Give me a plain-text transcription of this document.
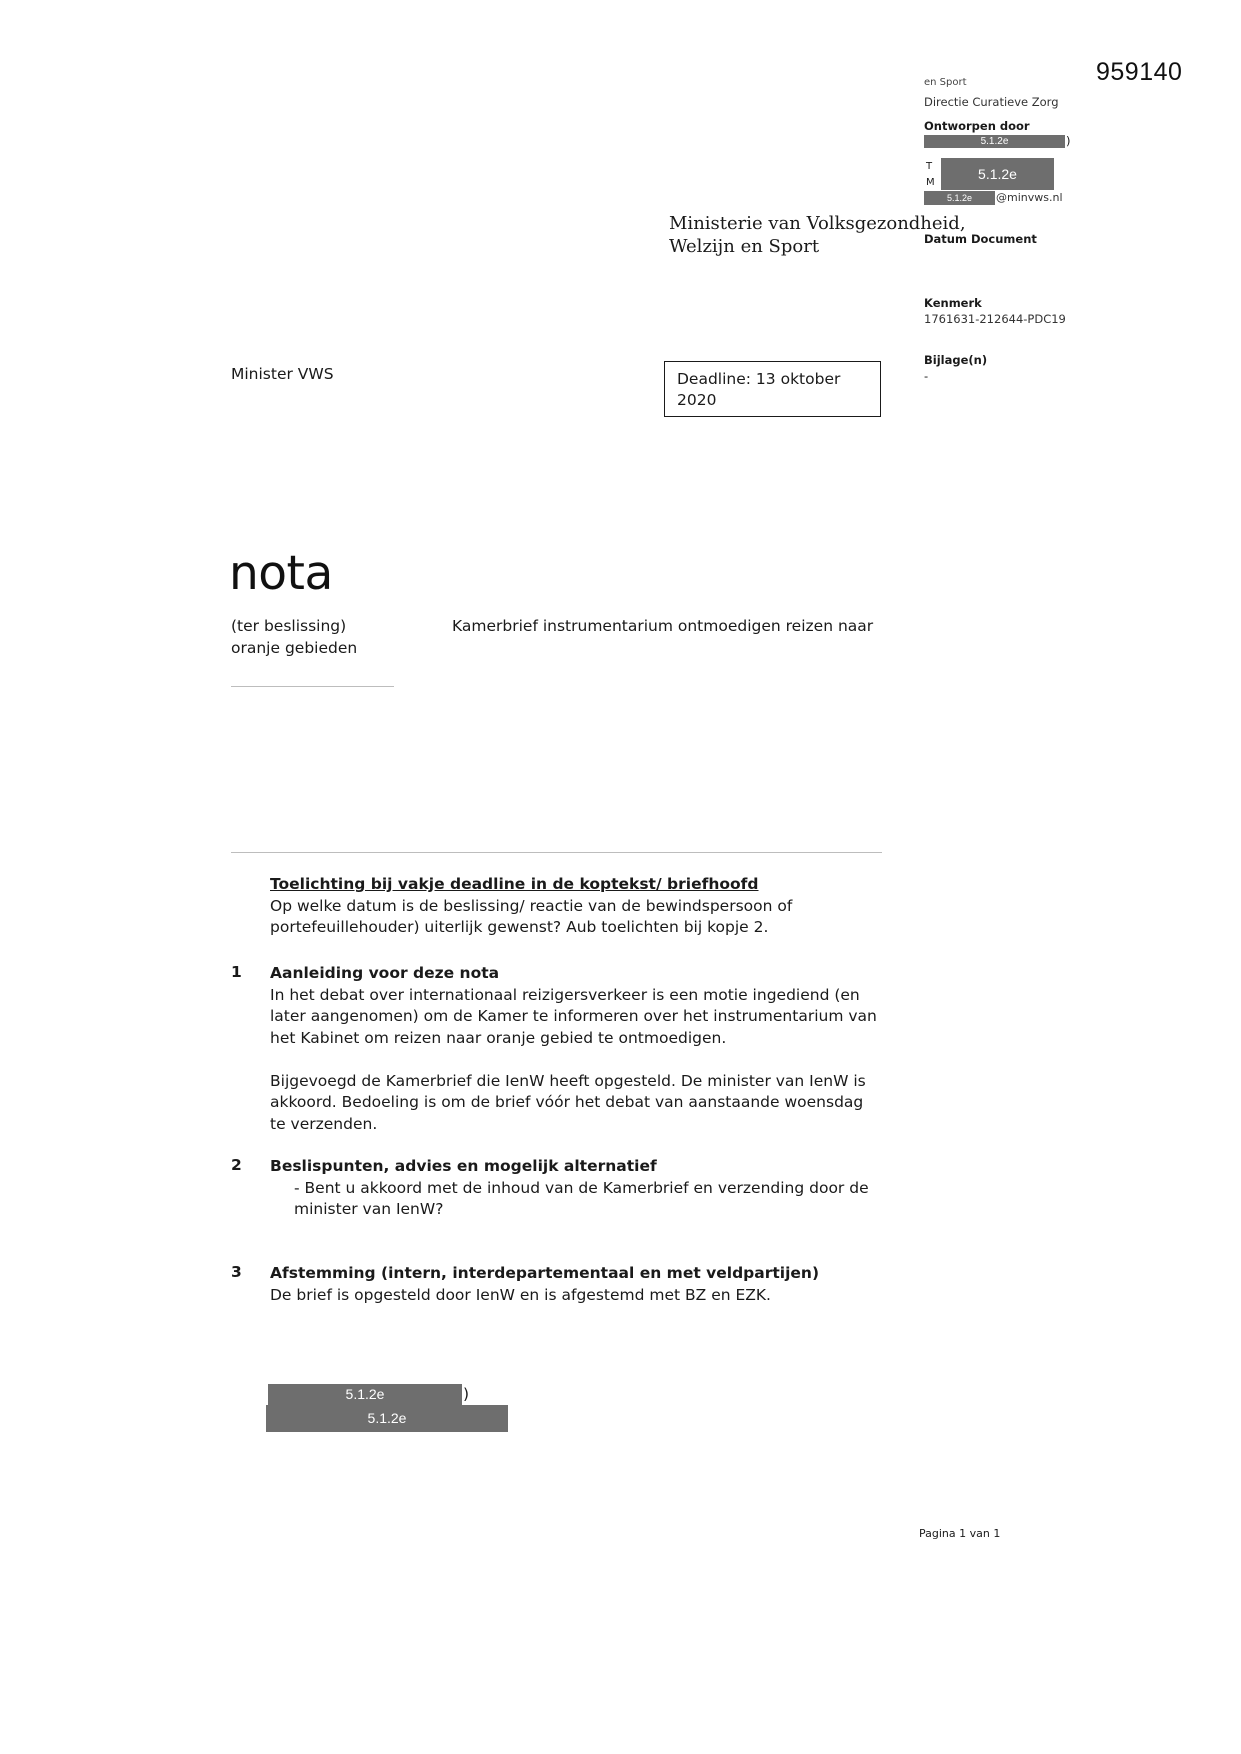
959140
en Sport
Directie Curatieve Zorg
Ontworpen door
5.1.2e	)
T
M
5.1.2e
5.1.2e	@minvws.nl
Datum Document
Kenmerk
1761631-212644-PDC19
Bijlage(n)
-
Ministerie van Volksgezondheid,
Welzijn en Sport
Minister VWS	Deadline: 13 oktober
2020
nota
(ter beslissing)
oranje gebieden
Kamerbrief instrumentarium ontmoedigen reizen naar
Toelichting bij vakje deadline in de koptekst/ briefhoofd
Op welke datum is de beslissing/ reactie van de bewindspersoon of
portefeuillehouder) uiterlijk gewenst? Aub toelichten bij kopje 2.
1 Aanleiding voor deze nota
In het debat over internationaal reizigersverkeer is een motie ingediend (en
later aangenomen) om de Kamer te informeren over het instrumentarium van
het Kabinet om reizen naar oranje gebied te ontmoedigen.
Bijgevoegd de Kamerbrief die IenW heeft opgesteld. De minister van IenW is
akkoord. Bedoeling is om de brief vóór het debat van aanstaande woensdag
te verzenden.
2 Beslispunten, advies en mogelijk alternatief
- Bent u akkoord met de inhoud van de Kamerbrief en verzending door de
minister van IenW?
3 Afstemming (intern, interdepartementaal en met veldpartijen)
De brief is opgesteld door IenW en is afgestemd met BZ en EZK.
5.1.2e	)
5.1.2e
Pagina 1 van 1
